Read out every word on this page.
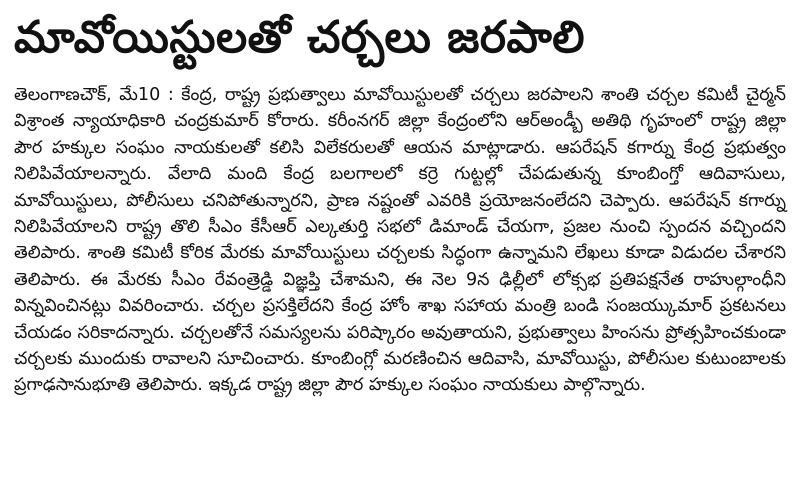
మావోయిస్టులతో చర్చలు జరపాలి

తెలంగాణచౌక్, మే10 : కేంద్ర, రాష్ట్ర ప్రభుత్వాలు మావోయిస్టులతో చర్చలు జరపాలని శాంతి చర్చల కమిటీ చైర్మన్ విశ్రాంత న్యాయాధికారి చంద్రకుమార్ కోరారు. కరీంనగర్ జిల్లా కేంద్రంలోని ఆర్అండ్బీ అతిథి గృహంలో రాష్ట్ర జిల్లా పౌర హక్కుల సంఘం నాయకులతో కలిసి విలేకరులతో ఆయన మాట్లాడారు. ఆపరేషన్ కగార్ను కేంద్ర ప్రభుత్వం నిలిపివేయాలన్నారు. వేలాది మంది కేంద్ర బలగాలలో కర్రె గుట్టల్లో చేపడుతున్న కూంబింగ్తో ఆదివాసులు, మావోయిస్టులు, పోలీసులు చనిపోతున్నారని, ప్రాణ నష్టంతో ఎవరికి ప్రయోజనంలేదని చెప్పారు. ఆపరేషన్ కగార్ను నిలిపివేయాలని రాష్ట్ర తొలి సీఎం కేసీఆర్ ఎల్కతుర్తి సభలో డిమాండ్ చేయగా, ప్రజల నుంచి స్పందన వచ్చిందని తెలిపారు. శాంతి కమిటీ కోరిక మేరకు మావోయిస్టులు చర్చలకు సిద్ధంగా ఉన్నామని లేఖలు కూడా విడుదల చేశారని తెలిపారు. ఈ మేరకు సీఎం రేవంత్రెడ్డి విజ్ఞప్తి చేశామని, ఈ నెల 9న ఢిల్లీలో లోక్సభ ప్రతిపక్షనేత రాహుల్గాంధీని విన్నవించినట్లు వివరించారు. చర్చల ప్రసక్తిలేదని కేంద్ర హోం శాఖ సహాయ మంత్రి బండి సంజయ్కుమార్ ప్రకటనలు చేయడం సరికాదన్నారు. చర్చలతోనే సమస్యలను పరిష్కారం అవుతాయని, ప్రభుత్వాలు హింసను ప్రోత్సహించకుండా చర్చలకు ముందుకు రావాలని సూచించారు. కూంబింగ్లో మరణించిన ఆదివాసి, మావోయిస్టు, పోలీసుల కుటుంబాలకు ప్రగాఢసానుభూతి తెలిపారు. ఇక్కడ రాష్ట్ర జిల్లా పౌర హక్కుల సంఘం నాయకులు పాల్గొన్నారు.
